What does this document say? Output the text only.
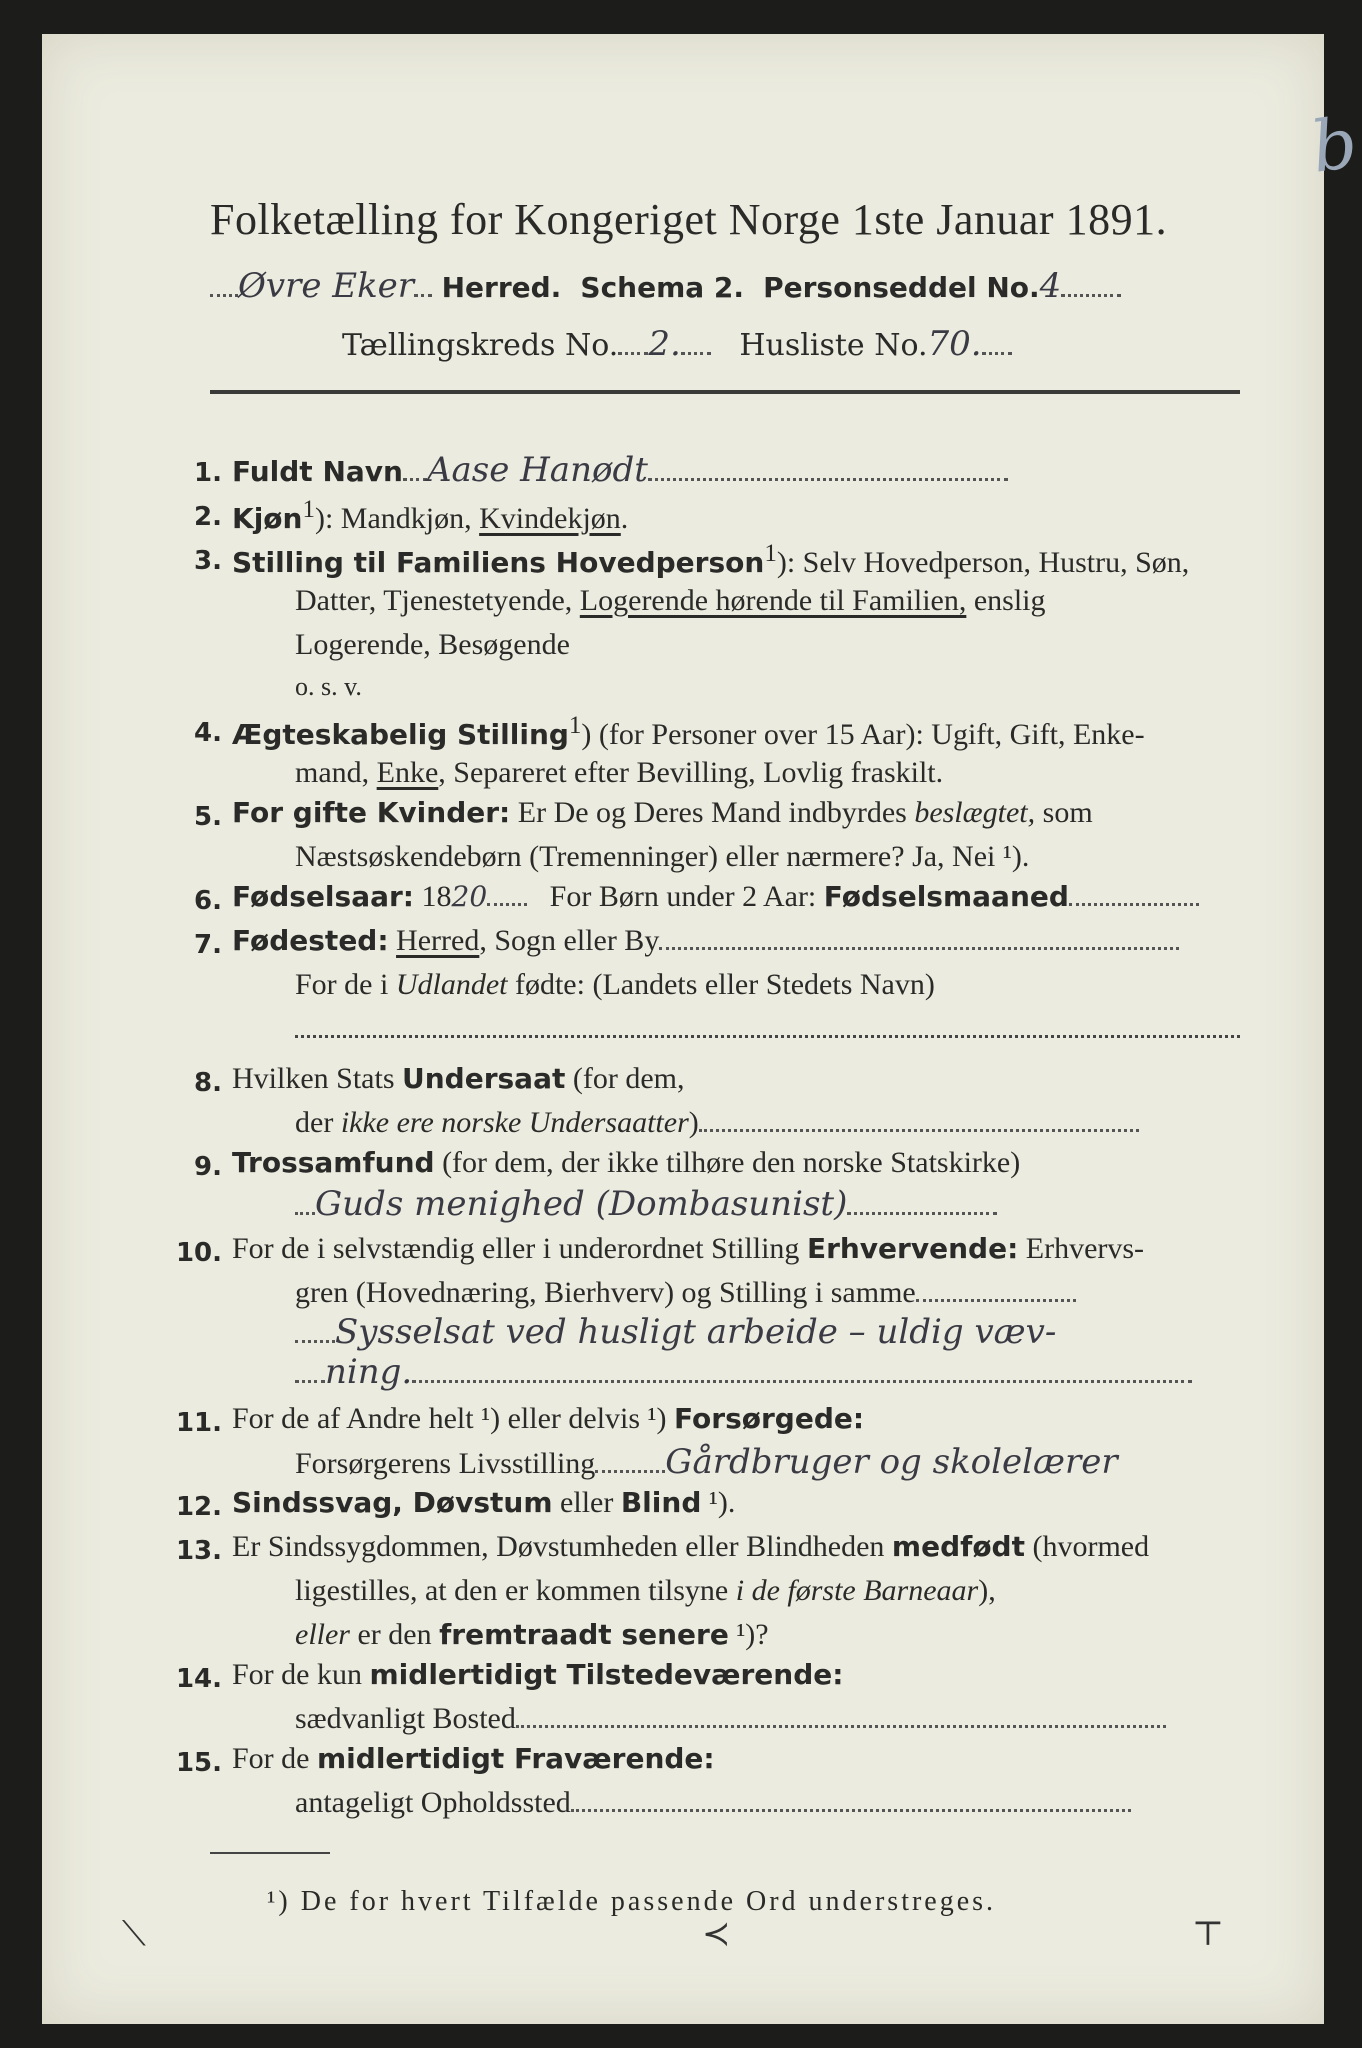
b
Folketælling for Kongeriget Norge 1ste Januar 1891.
Øvre Eker Herred. Schema 2. Personseddel No.4
Tællingskreds No. 2. Husliste No.70.
1. Fuldt Navn Aase Hanødt
2. Kjøn$^1$): Mandkjøn, Kvindekjøn.
3. Stilling til Familiens Hovedperson$^1$): Selv Hovedperson, Hustru, Søn,
Datter, Tjenestetyende, Logerende hørende til Familien, enslig
Logerende, Besøgende
o. s. v.
4. Ægteskabelig Stilling$^1$) (for Personer over 15 Aar): Ugift, Gift, Enke-
mand, Enke, Separeret efter Bevilling, Lovlig fraskilt.
5. For gifte Kvinder: Er De og Deres Mand indbyrdes beslægtet, som
Næstsøskendebørn (Tremenninger) eller nærmere? Ja, Nei ¹).
6. Fødselsaar: 1820 For Børn under 2 Aar: Fødselsmaaned
7. Fødested: Herred, Sogn eller By
For de i Udlandet fødte: (Landets eller Stedets Navn)
8. Hvilken Stats Undersaat (for dem,
der ikke ere norske Undersaatter)
9. Trossamfund (for dem, der ikke tilhøre den norske Statskirke)
Guds menighed (Dombasunist)
10. For de i selvstændig eller i underordnet Stilling Erhvervende: Erhvervs-
gren (Hovednæring, Bierhverv) og Stilling i samme
Sysselsat ved husligt arbeide – uldig væv-
ning.
11. For de af Andre helt ¹) eller delvis ¹) Forsørgede:
Forsørgerens Livsstilling Gårdbruger og skolelærer
12. Sindssvag, Døvstum eller Blind ¹).
13. Er Sindssygdommen, Døvstumheden eller Blindheden medfødt (hvormed
ligestilles, at den er kommen tilsyne i de første Barneaar),
eller er den fremtraadt senere ¹)?
14. For de kun midlertidigt Tilstedeværende:
sædvanligt Bosted
15. For de midlertidigt Fraværende:
antageligt Opholdssted
¹) De for hvert Tilfælde passende Ord understreges.
⟍	≺	⊤
